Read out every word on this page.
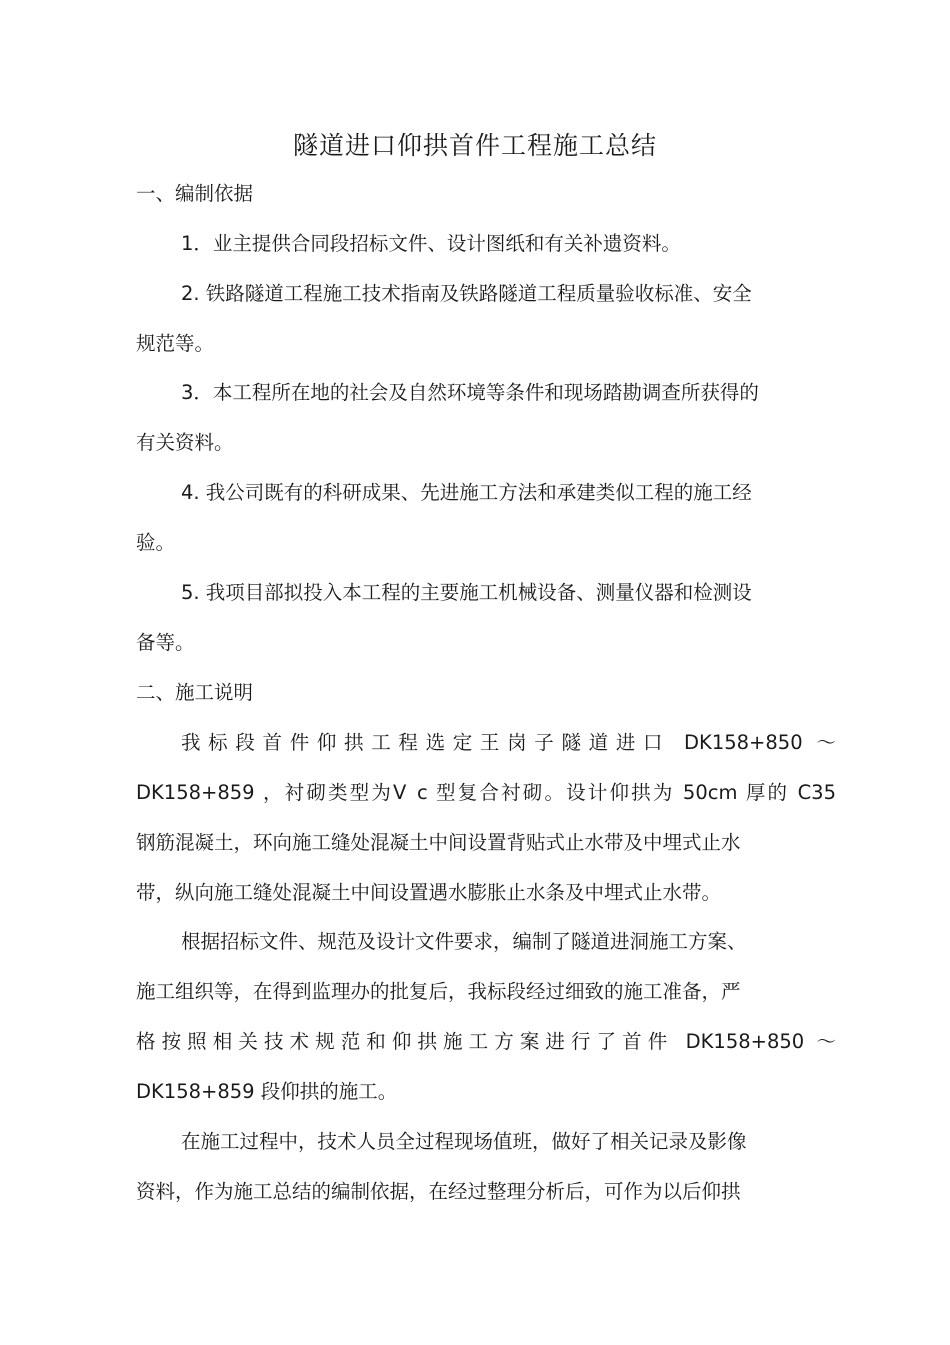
隧道进口仰拱首件工程施工总结
一、编制依据
1．业主提供合同段招标文件、设计图纸和有关补遗资料。
2. 铁路隧道工程施工技术指南及铁路隧道工程质量验收标准、安全
规范等。
3．本工程所在地的社会及自然环境等条件和现场踏勘调查所获得的
有关资料。
4. 我公司既有的科研成果、先进施工方法和承建类似工程的施工经
验。
5. 我项目部拟投入本工程的主要施工机械设备、测量仪器和检测设
备等。
二、施工说明
我标段首件仰拱工程选定王岗子隧道进口 DK158+850 ～
DK158+859 ，衬砌类型为Ⅴ c 型复合衬砌。设计仰拱为 50cm 厚的 C35
钢筋混凝土，环向施工缝处混凝土中间设置背贴式止水带及中埋式止水
带，纵向施工缝处混凝土中间设置遇水膨胀止水条及中埋式止水带。
根据招标文件、规范及设计文件要求，编制了隧道进洞施工方案、
施工组织等，在得到监理办的批复后，我标段经过细致的施工准备，严
格按照相关技术规范和仰拱施工方案进行了首件 DK158+850 ～
DK158+859 段仰拱的施工。
在施工过程中，技术人员全过程现场值班，做好了相关记录及影像
资料，作为施工总结的编制依据，在经过整理分析后，可作为以后仰拱
